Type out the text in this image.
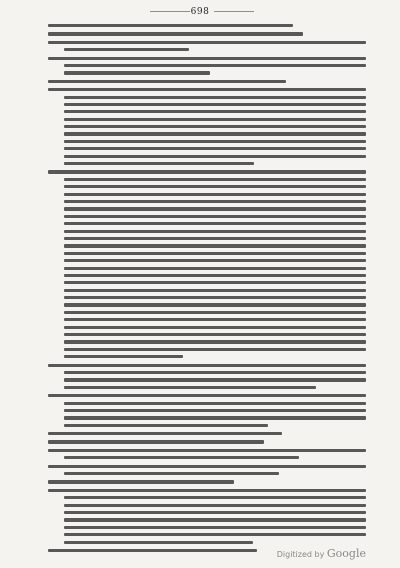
698
Digitized by Google
